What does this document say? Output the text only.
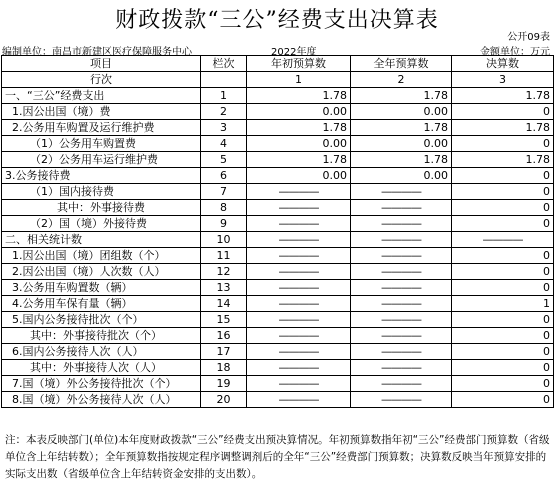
财政拨款“三公”经费支出决算表
公开09表
编制单位：南昌市新建区医疗保障服务中心	2022年度	金额单位：万元
项目	栏次	年初预算数	全年预算数	决算数
行次		1	2	3
一、“三公”经费支出	1	1.78	1.78	1.78
1.因公出国（境）费	2	0.00	0.00	0
2.公务用车购置及运行维护费	3	1.78	1.78	1.78
（1）公务用车购置费	4	0.00	0.00	0
（2）公务用车运行维护费	5	1.78	1.78	1.78
3.公务接待费	6	0.00	0.00	0
（1）国内接待费	7	————	————	0
其中：外事接待费	8	————	————	0
（2）国（境）外接待费	9	————	————	0
二、相关统计数	10	————	————	————
1.因公出国（境）团组数（个）	11	————	————	0
2.因公出国（境）人次数（人）	12	————	————	0
3.公务用车购置数（辆）	13	————	————	0
4.公务用车保有量（辆）	14	————	————	1
5.国内公务接待批次（个）	15	————	————	0
其中：外事接待批次（个）	16	————	————	0
6.国内公务接待人次（人）	17	————	————	0
其中：外事接待人次（人）	18	————	————	0
7.国（境）外公务接待批次（个）	19	————	————	0
8.国（境）外公务接待人次（人）	20	————	————	0
注：本表反映部门(单位)本年度财政拨款“三公”经费支出预决算情况。年初预算数指年初“三公”经费部门预算数（省级单位含上年结转数）；全年预算数指按规定程序调整调剂后的全年“三公”经费部门预算数；决算数反映当年预算安排的实际支出数（省级单位含上年结转资金安排的支出数）。
